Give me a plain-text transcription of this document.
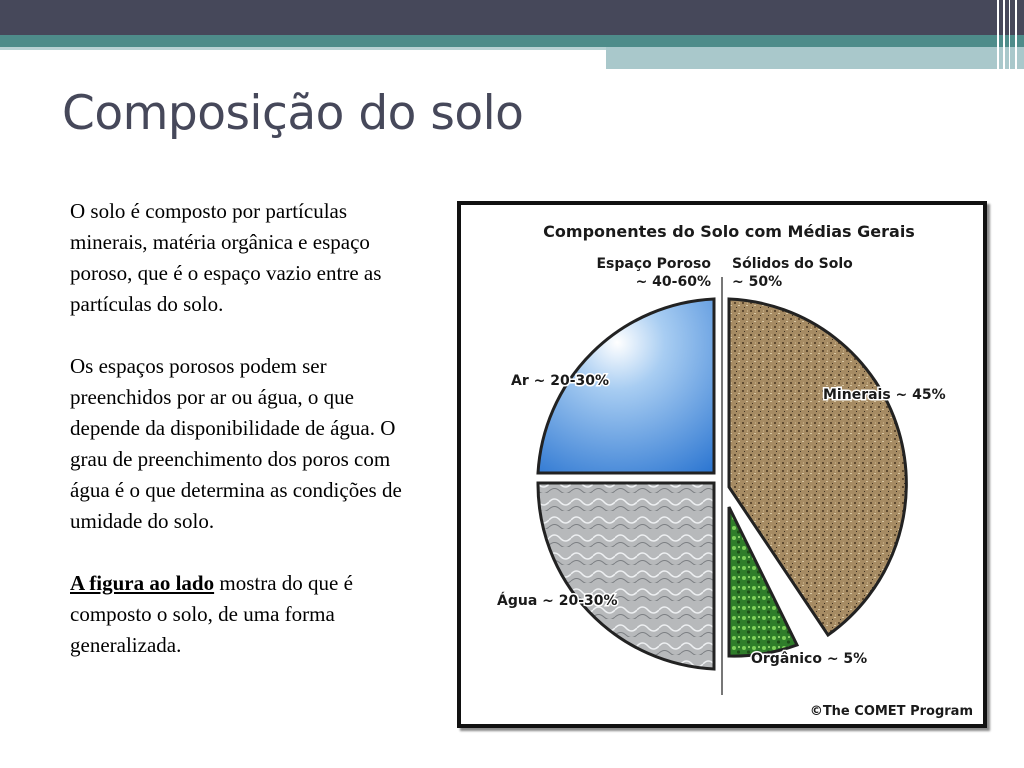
Composição do solo

O solo é composto por partículas minerais, matéria orgânica e espaço poroso, que é o espaço vazio entre as partículas do solo.

Os espaços porosos podem ser preenchidos por ar ou água, o que depende da disponibilidade de água. O grau de preenchimento dos poros com água é o que determina as condições de umidade do solo.

A figura ao lado mostra do que é composto o solo, de uma forma generalizada.

Componentes do Solo com Médias Gerais
Espaço Poroso
~ 40-60%
Sólidos do Solo
~ 50%
Ar ~ 20-30%
Água ~ 20-30%
Minerais ~ 45%
Orgânico ~ 5%
©The COMET Program
